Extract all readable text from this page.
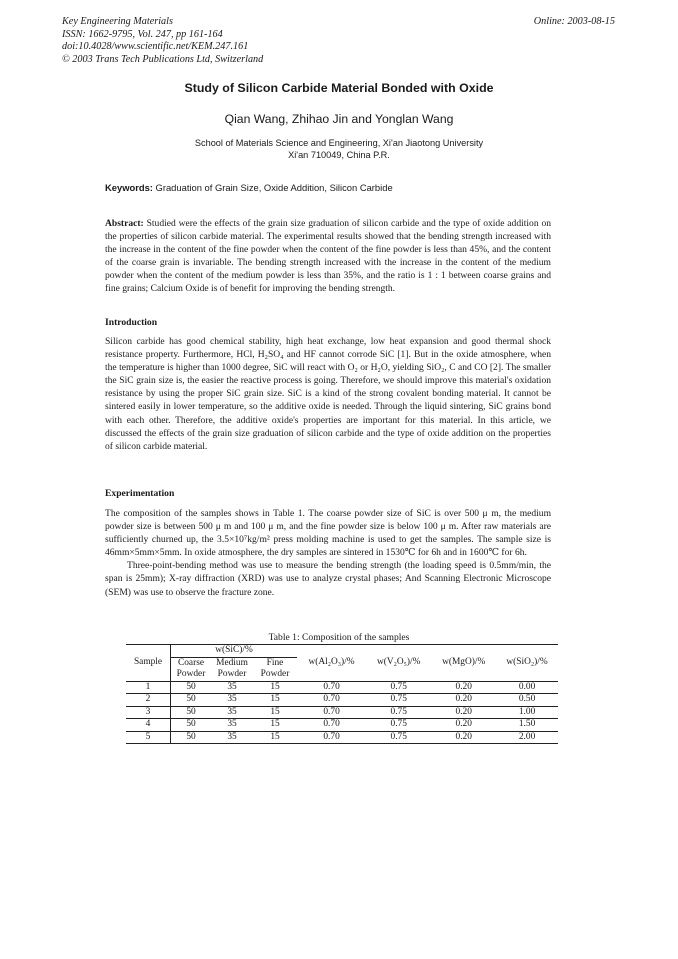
Key Engineering Materials
ISSN: 1662-9795, Vol. 247, pp 161-164
doi:10.4028/www.scientific.net/KEM.247.161
© 2003 Trans Tech Publications Ltd, Switzerland
Online: 2003-08-15
Study of Silicon Carbide Material Bonded with Oxide
Qian Wang, Zhihao Jin and Yonglan Wang
School of Materials Science and Engineering, Xi'an Jiaotong University
Xi'an 710049, China P.R.
Keywords: Graduation of Grain Size, Oxide Addition, Silicon Carbide
Abstract: Studied were the effects of the grain size graduation of silicon carbide and the type of oxide addition on the properties of silicon carbide material. The experimental results showed that the bending strength increased with the increase in the content of the fine powder when the content of the fine powder is less than 45%, and the content of the coarse grain is invariable. The bending strength increased with the increase in the content of the medium powder when the content of the medium powder is less than 35%, and the ratio is 1 : 1 between coarse grains and fine grains; Calcium Oxide is of benefit for improving the bending strength.
Introduction
Silicon carbide has good chemical stability, high heat exchange, low heat expansion and good thermal shock resistance property. Furthermore, HCl, H₂SO₄ and HF cannot corrode SiC [1]. But in the oxide atmosphere, when the temperature is higher than 1000 degree, SiC will react with O₂ or H₂O, yielding SiO₂, C and CO [2]. The smaller the SiC grain size is, the easier the reactive process is going. Therefore, we should improve this material's oxidation resistance by using the proper SiC grain size. SiC is a kind of the strong covalent bonding material. It cannot be sintered easily in lower temperature, so the additive oxide is needed. Through the liquid sintering, SiC grains bond with each other. Therefore, the additive oxide's properties are important for this material. In this article, we discussed the effects of the grain size graduation of silicon carbide and the type of oxide addition on the properties of silicon carbide material.
Experimentation

The composition of the samples shows in Table 1. The coarse powder size of SiC is over 500 μ m, the medium powder size is between 500 μ m and 100 μ m, and the fine powder size is below 100 μ m. After raw materials are sufficiently churned up, the 3.5×10⁷kg/m² press molding machine is used to get the samples. The sample size is 46mm×5mm×5mm. In oxide atmosphere, the dry samples are sintered in 1530℃ for 6h and in 1600℃ for 6h.

Three-point-bending method was use to measure the bending strength (the loading speed is 0.5mm/min, the span is 25mm); X-ray diffraction (XRD) was use to analyze crystal phases; And Scanning Electronic Microscope (SEM) was use to observe the fracture zone.

Table 1: Composition of the samples
Sample	w(SiC)/%			w(Al₂O₃)/%	w(V₂O₅)/%	w(MgO)/%	w(SiO₂)/%
	Coarse	Medium	Fine				
	Powder	Powder	Powder				
1	50	35	15	0.70	0.75	0.20	0.00
2	50	35	15	0.70	0.75	0.20	0.50
3	50	35	15	0.70	0.75	0.20	1.00
4	50	35	15	0.70	0.75	0.20	1.50
5	50	35	15	0.70	0.75	0.20	2.00
